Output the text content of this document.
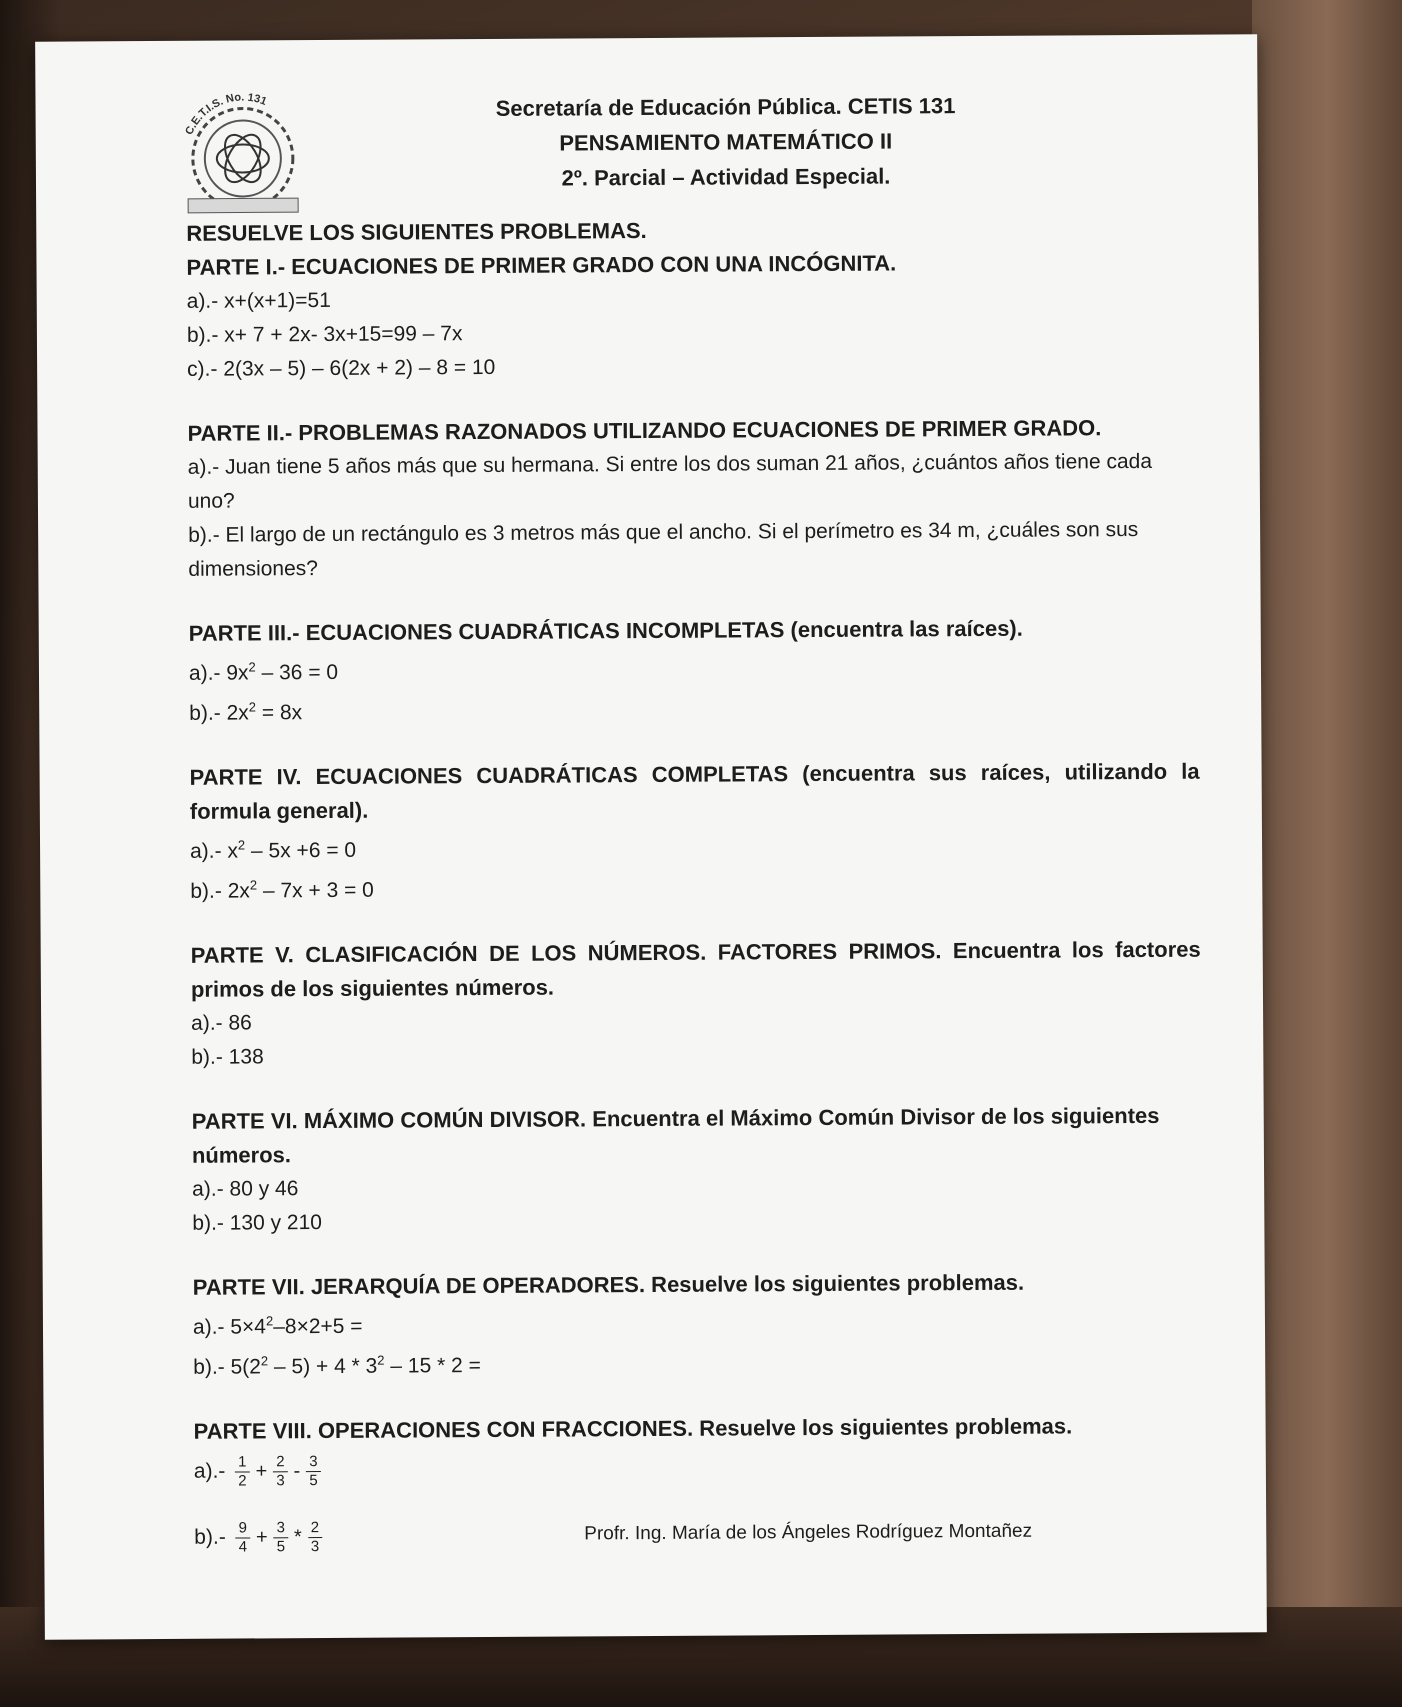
C.E.T.I.S. No. 131	Secretaría de Educación Pública. CETIS 131
PENSAMIENTO MATEMÁTICO II
2º. Parcial – Actividad Especial.
RESUELVE LOS SIGUIENTES PROBLEMAS.
PARTE I.- ECUACIONES DE PRIMER GRADO CON UNA INCÓGNITA.
a).- x+(x+1)=51
b).- x+ 7 + 2x- 3x+15=99 – 7x
c).- 2(3x – 5) – 6(2x + 2) – 8 = 10
PARTE II.- PROBLEMAS RAZONADOS UTILIZANDO ECUACIONES DE PRIMER GRADO.
a).- Juan tiene 5 años más que su hermana. Si entre los dos suman 21 años, ¿cuántos años tiene cada uno?
b).- El largo de un rectángulo es 3 metros más que el ancho. Si el perímetro es 34 m, ¿cuáles son sus dimensiones?
PARTE III.- ECUACIONES CUADRÁTICAS INCOMPLETAS (encuentra las raíces).
a).- $9x^2 - 36 = 0$
b).- $2x^2 = 8x$
PARTE IV. ECUACIONES CUADRÁTICAS COMPLETAS (encuentra sus raíces, utilizando la formula general).
a).- $x^2 - 5x +6 = 0$
b).- $2x^2 - 7x + 3 = 0$
PARTE V. CLASIFICACIÓN DE LOS NÚMEROS. FACTORES PRIMOS. Encuentra los factores primos de los siguientes números.
a).- 86
b).- 138
PARTE VI. MÁXIMO COMÚN DIVISOR. Encuentra el Máximo Común Divisor de los siguientes números.
a).- 80 y 46
b).- 130 y 210
PARTE VII. JERARQUÍA DE OPERADORES. Resuelve los siguientes problemas.
a).- $5\times 4^2-8\times 2+5$ =
b).- $5(2^2 - 5) + 4 * 3^2 - 15 * 2$ =
PARTE VIII. OPERACIONES CON FRACCIONES. Resuelve los siguientes problemas.
$a).- \frac{1}{2} + \frac{2}{3} - \frac{3}{5}$
$b).- \frac{9}{4} + \frac{3}{5} * \frac{2}{3}$	Profr. Ing. María de los Ángeles Rodríguez Montañez
